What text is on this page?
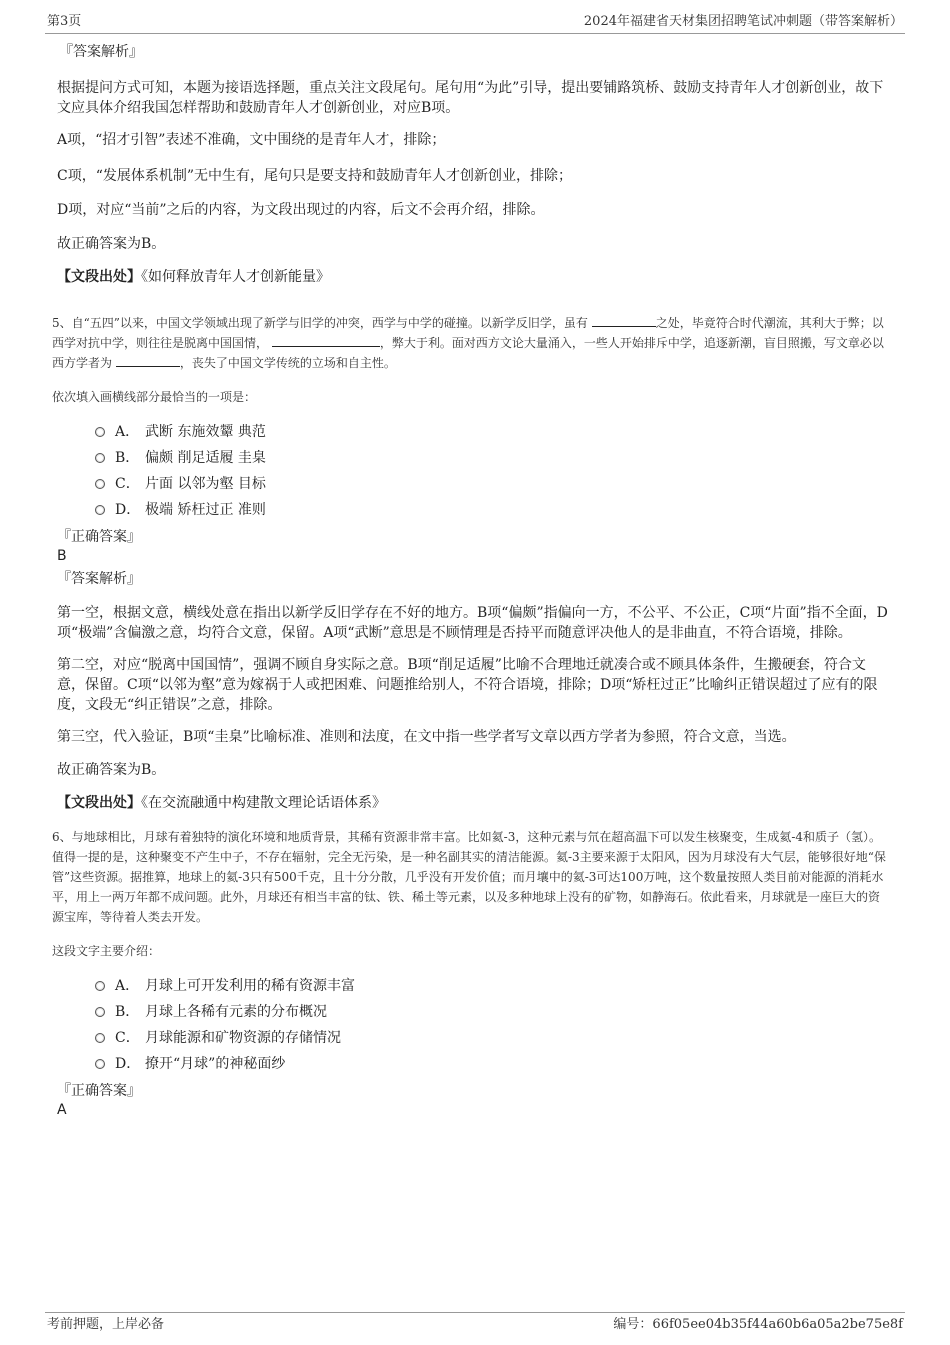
第3页	2024年福建省天材集团招聘笔试冲刺题（带答案解析）
『答案解析』
根据提问方式可知，本题为接语选择题，重点关注文段尾句。尾句用“为此”引导，提出要铺路筑桥、鼓励支持青年人才创新创业，故下文应具体介绍我国怎样帮助和鼓励青年人才创新创业，对应B项。
A项，“招才引智”表述不准确，文中围绕的是青年人才，排除；
C项，“发展体系机制”无中生有，尾句只是要支持和鼓励青年人才创新创业，排除；
D项，对应“当前”之后的内容，为文段出现过的内容，后文不会再介绍，排除。
故正确答案为B。
【文段出处】《如何释放青年人才创新能量》
5、自“五四”以来，中国文学领域出现了新学与旧学的冲突，西学与中学的碰撞。以新学反旧学，虽有	之处，毕竟符合时代潮流，其利大于弊；以西学对抗中学，则往往是脱离中国国情，	，弊大于利。面对西方文论大量涌入，一些人开始排斥中学，追逐新潮，盲目照搬，写文章必以西方学者为	，丧失了中国文学传统的立场和自主性。
依次填入画横线部分最恰当的一项是：
A． 武断 东施效颦 典范
B． 偏颇 削足适履 圭臬
C． 片面 以邻为壑 目标
D． 极端 矫枉过正 准则
『正确答案』
B
『答案解析』
第一空，根据文意，横线处意在指出以新学反旧学存在不好的地方。B项“偏颇”指偏向一方，不公平、不公正，C项“片面”指不全面，D项“极端”含偏激之意，均符合文意，保留。A项“武断”意思是不顾情理是否持平而随意评决他人的是非曲直，不符合语境，排除。
第二空，对应“脱离中国国情”，强调不顾自身实际之意。B项“削足适履”比喻不合理地迁就凑合或不顾具体条件，生搬硬套，符合文意，保留。C项“以邻为壑”意为嫁祸于人或把困难、问题推给别人，不符合语境，排除；D项“矫枉过正”比喻纠正错误超过了应有的限度，文段无“纠正错误”之意，排除。
第三空，代入验证，B项“圭臬”比喻标准、准则和法度，在文中指一些学者写文章以西方学者为参照，符合文意，当选。
故正确答案为B。
【文段出处】《在交流融通中构建散文理论话语体系》
6、与地球相比，月球有着独特的演化环境和地质背景，其稀有资源非常丰富。比如氦-3，这种元素与氘在超高温下可以发生核聚变，生成氦-4和质子（氢）。值得一提的是，这种聚变不产生中子，不存在辐射，完全无污染，是一种名副其实的清洁能源。氦-3主要来源于太阳风，因为月球没有大气层，能够很好地“保管”这些资源。据推算，地球上的氦-3只有500千克，且十分分散，几乎没有开发价值；而月壤中的氦-3可达100万吨，这个数量按照人类目前对能源的消耗水平，用上一两万年都不成问题。此外，月球还有相当丰富的钛、铁、稀土等元素，以及多种地球上没有的矿物，如静海石。依此看来，月球就是一座巨大的资源宝库，等待着人类去开发。
这段文字主要介绍：
A． 月球上可开发利用的稀有资源丰富
B． 月球上各稀有元素的分布概况
C． 月球能源和矿物资源的存储情况
D． 撩开“月球”的神秘面纱
『正确答案』
A
考前押题，上岸必备	编号：66f05ee04b35f44a60b6a05a2be75e8f
